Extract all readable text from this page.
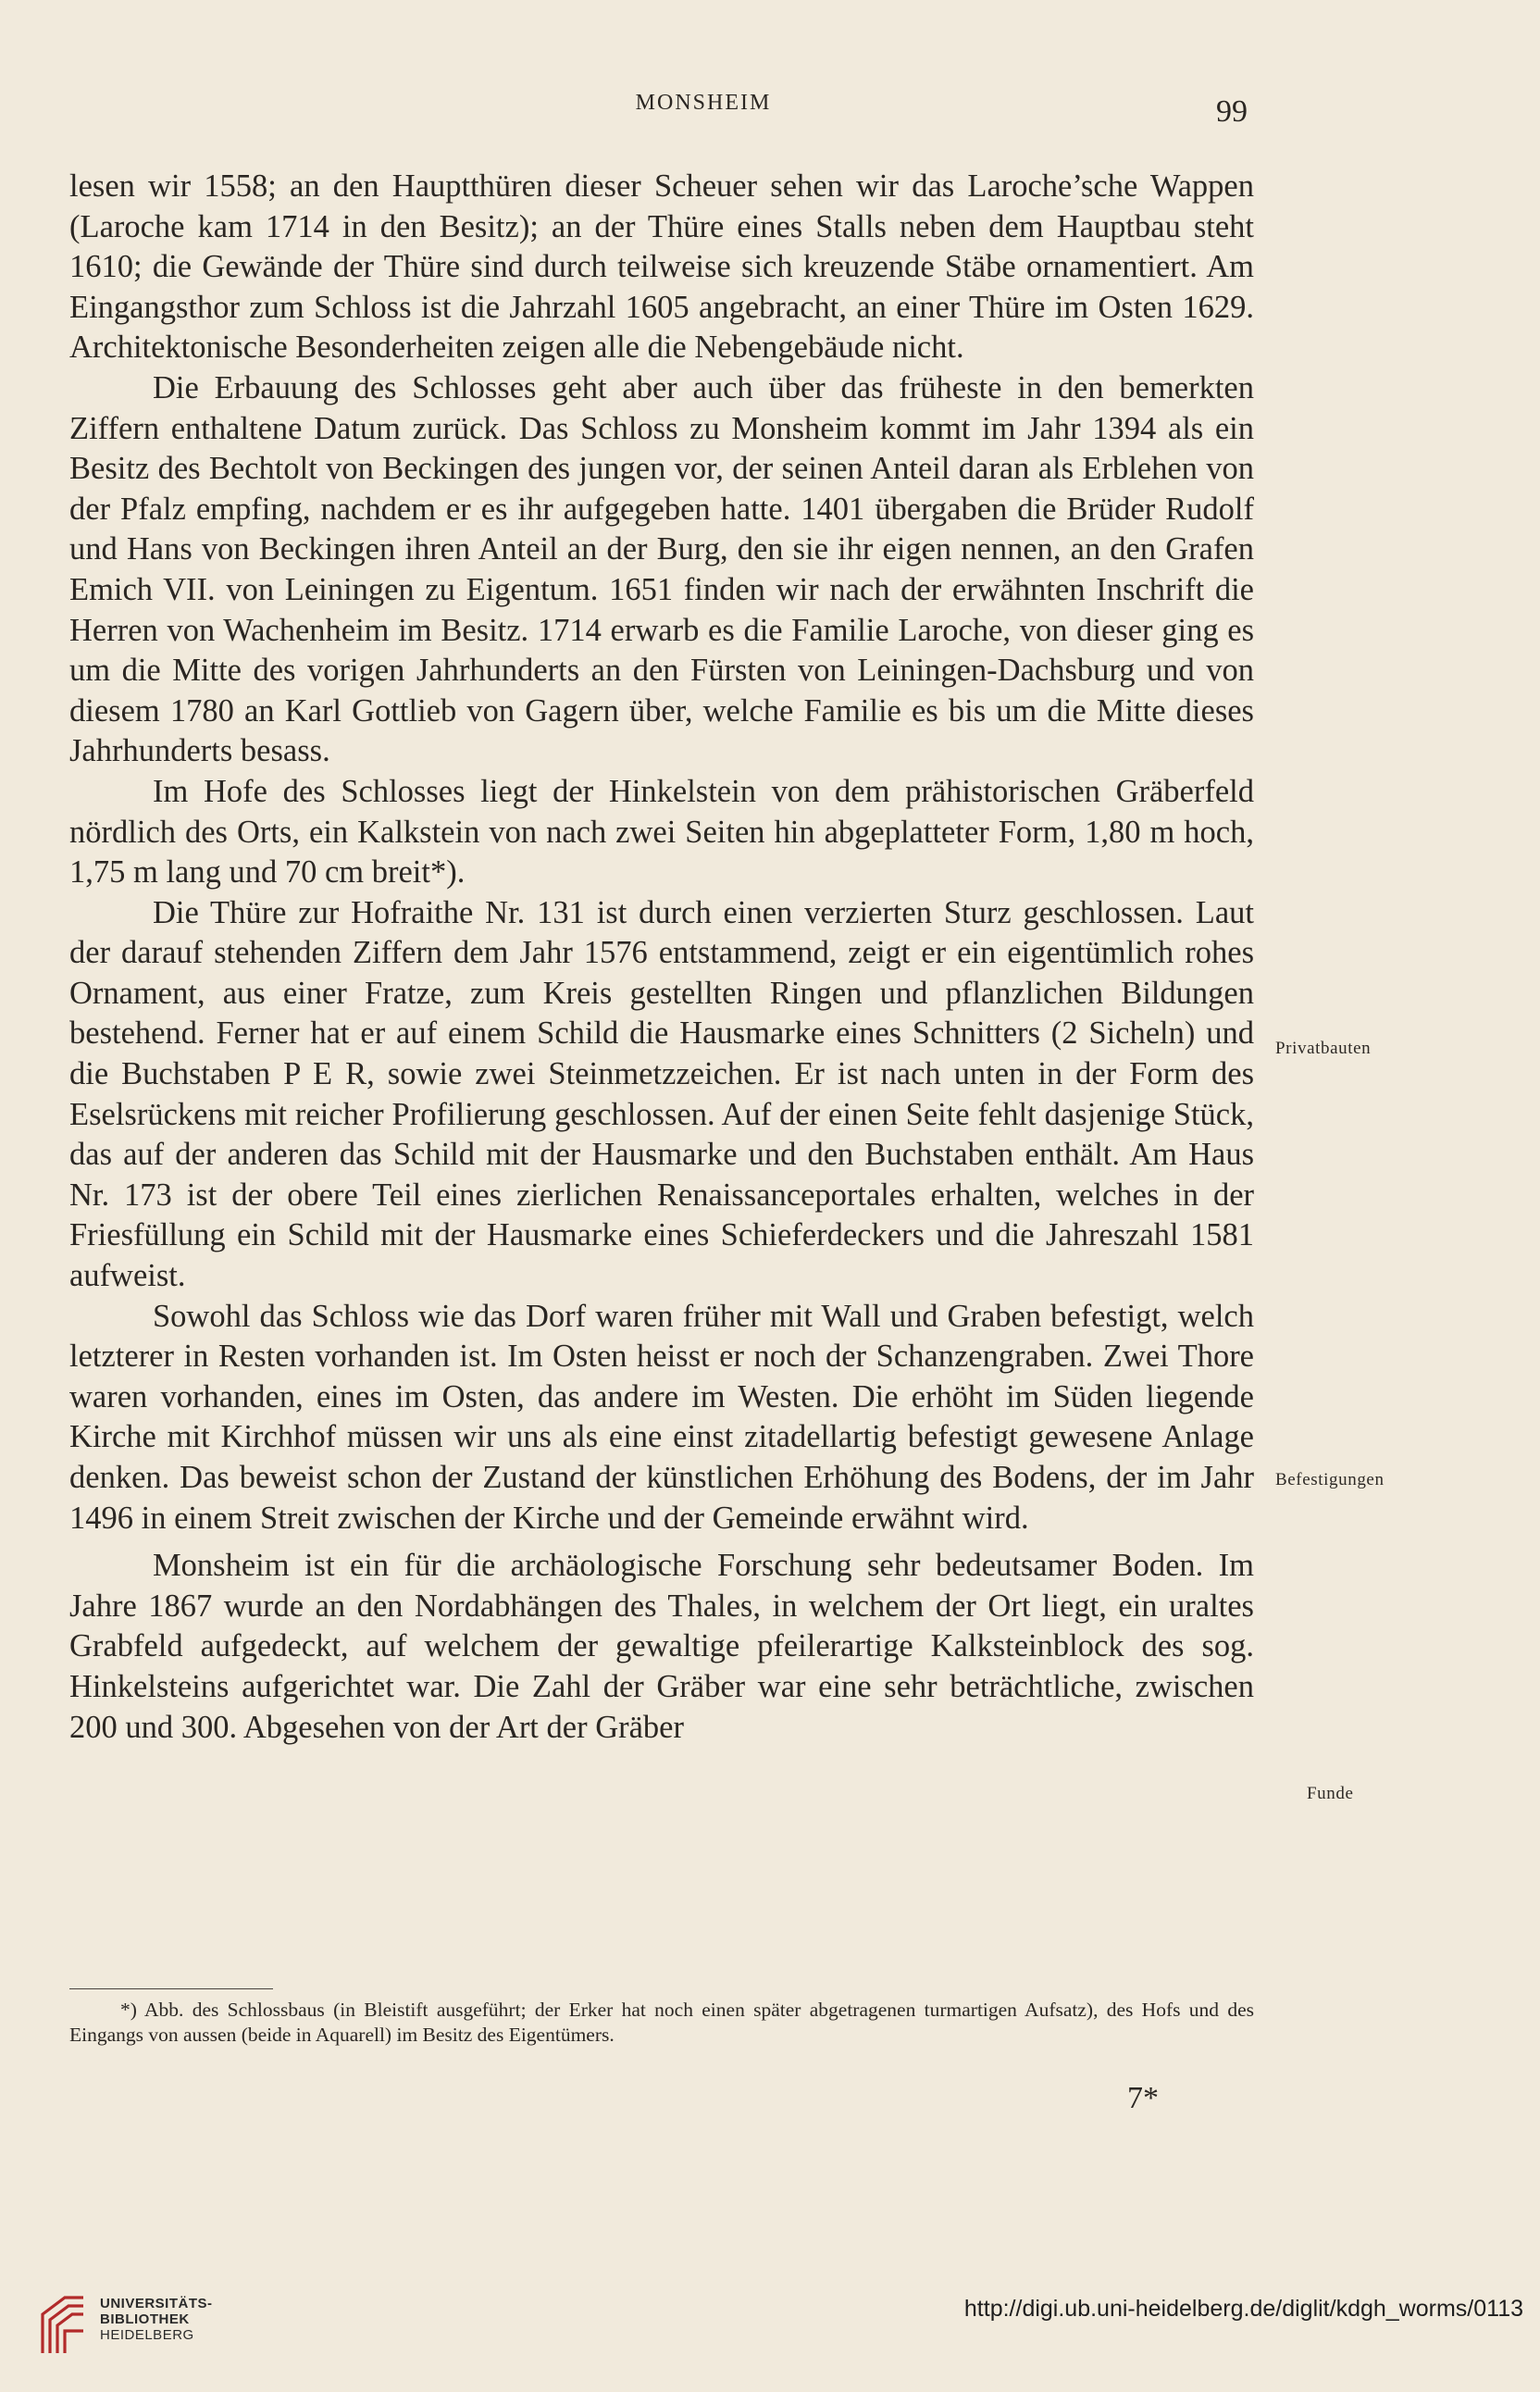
MONSHEIM	99

lesen wir 1558; an den Hauptthüren dieser Scheuer sehen wir das Laroche’sche Wappen (Laroche kam 1714 in den Besitz); an der Thüre eines Stalls neben dem Hauptbau steht 1610; die Gewände der Thüre sind durch teilweise sich kreuzende Stäbe ornamentiert. Am Eingangsthor zum Schloss ist die Jahrzahl 1605 angebracht, an einer Thüre im Osten 1629. Architektonische Besonderheiten zeigen alle die Nebengebäude nicht.

Die Erbauung des Schlosses geht aber auch über das früheste in den bemerkten Ziffern enthaltene Datum zurück. Das Schloss zu Monsheim kommt im Jahr 1394 als ein Besitz des Bechtolt von Beckingen des jungen vor, der seinen Anteil daran als Erblehen von der Pfalz empfing, nachdem er es ihr aufgegeben hatte. 1401 übergaben die Brüder Rudolf und Hans von Beckingen ihren Anteil an der Burg, den sie ihr eigen nennen, an den Grafen Emich VII. von Leiningen zu Eigentum. 1651 finden wir nach der erwähnten Inschrift die Herren von Wachenheim im Besitz. 1714 erwarb es die Familie Laroche, von dieser ging es um die Mitte des vorigen Jahrhunderts an den Fürsten von Leiningen-Dachsburg und von diesem 1780 an Karl Gottlieb von Gagern über, welche Familie es bis um die Mitte dieses Jahrhunderts besass.

Im Hofe des Schlosses liegt der Hinkelstein von dem prähistorischen Gräberfeld nördlich des Orts, ein Kalkstein von nach zwei Seiten hin abgeplatteter Form, 1,80 m hoch, 1,75 m lang und 70 cm breit*).

Die Thüre zur Hofraithe Nr. 131 ist durch einen verzierten Sturz geschlossen. Laut der darauf stehenden Ziffern dem Jahr 1576 entstammend, zeigt er ein eigentümlich rohes Ornament, aus einer Fratze, zum Kreis gestellten Ringen und pflanzlichen Bildungen bestehend. Ferner hat er auf einem Schild die Hausmarke eines Schnitters (2 Sicheln) und die Buchstaben P E R, sowie zwei Steinmetzzeichen. Er ist nach unten in der Form des Eselsrückens mit reicher Profilierung geschlossen. Auf der einen Seite fehlt dasjenige Stück, das auf der anderen das Schild mit der Hausmarke und den Buchstaben enthält. Am Haus Nr. 173 ist der obere Teil eines zierlichen Renaissanceportales erhalten, welches in der Friesfüllung ein Schild mit der Hausmarke eines Schieferdeckers und die Jahreszahl 1581 aufweist.

Sowohl das Schloss wie das Dorf waren früher mit Wall und Graben befestigt, welch letzterer in Resten vorhanden ist. Im Osten heisst er noch der Schanzengraben. Zwei Thore waren vorhanden, eines im Osten, das andere im Westen. Die erhöht im Süden liegende Kirche mit Kirchhof müssen wir uns als eine einst zitadellartig befestigt gewesene Anlage denken. Das beweist schon der Zustand der künstlichen Erhöhung des Bodens, der im Jahr 1496 in einem Streit zwischen der Kirche und der Gemeinde erwähnt wird.

Monsheim ist ein für die archäologische Forschung sehr bedeutsamer Boden. Im Jahre 1867 wurde an den Nordabhängen des Thales, in welchem der Ort liegt, ein uraltes Grabfeld aufgedeckt, auf welchem der gewaltige pfeilerartige Kalksteinblock des sog. Hinkelsteins aufgerichtet war. Die Zahl der Gräber war eine sehr beträchtliche, zwischen 200 und 300. Abgesehen von der Art der Gräber

Privatbauten
Befestigungen
Funde
*) Abb. des Schlossbaus (in Bleistift ausgeführt; der Erker hat noch einen später abgetragenen turmartigen Aufsatz), des Hofs und des Eingangs von aussen (beide in Aquarell) im Besitz des Eigentümers.
7*
UNIVERSITÄTS-
BIBLIOTHEK
HEIDELBERG
http://digi.ub.uni-heidelberg.de/diglit/kdgh_worms/0113
